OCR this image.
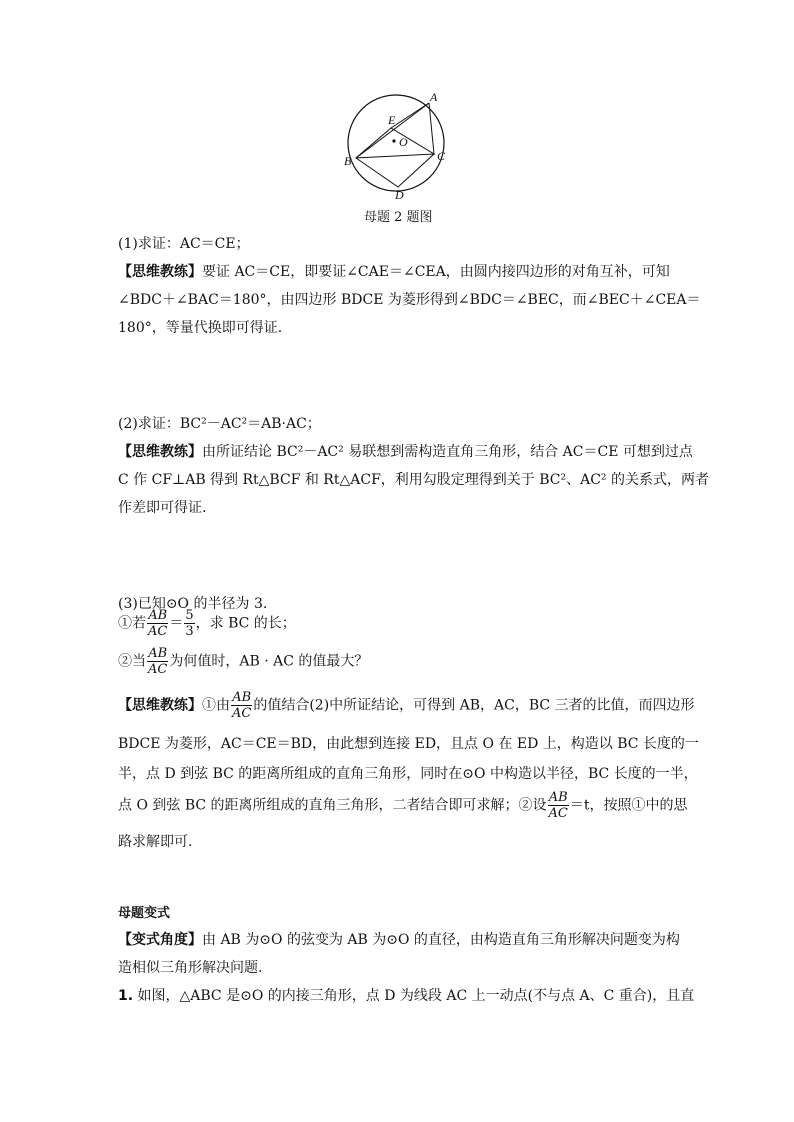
A
E
O
B	C
D
母题 2 题图
(1)求证：AC＝CE；
【思维教练】要证 AC＝CE，即要证∠CAE＝∠CEA，由圆内接四边形的对角互补，可知
∠BDC＋∠BAC＝180°，由四边形 BDCE 为菱形得到∠BDC＝∠BEC，而∠BEC＋∠CEA＝
180°，等量代换即可得证.
(2)求证：BC²－AC²＝AB·AC；
【思维教练】由所证结论 BC²－AC² 易联想到需构造直角三角形，结合 AC＝CE 可想到过点
C 作 CF⊥AB 得到 Rt△BCF 和 Rt△ACF，利用勾股定理得到关于 BC²、AC² 的关系式，两者
作差即可得证.
(3)已知⊙O 的半径为 3.
①若 $\frac{AB}{AC} = \frac{5}{3}$ ，求 BC 的长；
②当 $\frac{AB}{AC}$ 为何值时，AB · AC 的值最大？
【思维教练】①由 $\frac{AB}{AC}$ 的值结合(2)中所证结论，可得到 AB，AC，BC 三者的比值，而四边形
BDCE 为菱形，AC＝CE＝BD，由此想到连接 ED，且点 O 在 ED 上，构造以 BC 长度的一
半，点 D 到弦 BC 的距离所组成的直角三角形，同时在⊙O 中构造以半径，BC 长度的一半，
点 O 到弦 BC 的距离所组成的直角三角形，二者结合即可求解；②设 $\frac{AB}{AC} =t$，按照①中的思
路求解即可.
母题变式
【变式角度】由 AB 为⊙O 的弦变为 AB 为⊙O 的直径，由构造直角三角形解决问题变为构
造相似三角形解决问题.
1. 如图，△ABC 是⊙O 的内接三角形，点 D 为线段 AC 上一动点(不与点 A、C 重合)，且直
